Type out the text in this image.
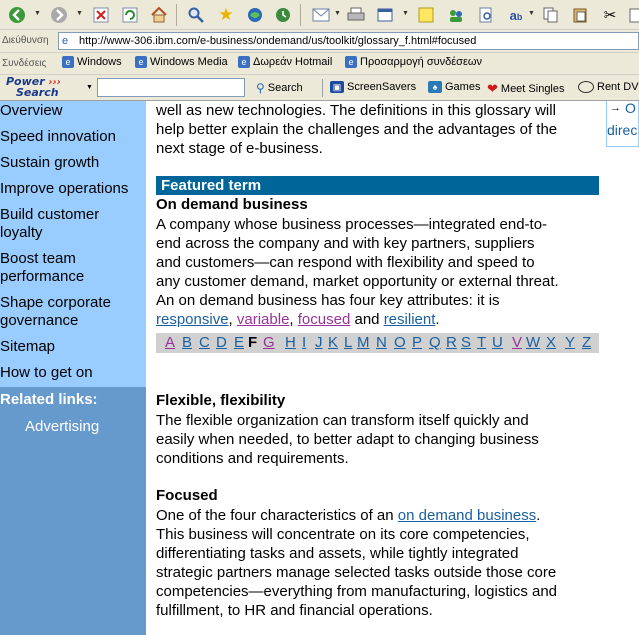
▼	▼	★	▼	▼	ab ▼	✂
Διεύθυνση e http://www-306.ibm.com/e-business/ondemand/us/toolkit/glossary_f.html#focused
Συνδέσεις	e Windows	e Windows Media	e Δωρεάν Hotmail	e Προσαρμογή συνδέσεων
Power ›››
Search	▼	⚲ Search	▣ ScreenSavers	♠ Games ❤ Meet Singles	Rent DV
Overview
Speed innovation
Sustain growth
Improve operations
Build customer
loyalty
Boost team
performance
Shape corporate
governance
Sitemap
How to get on
Related links:
Advertising

well as new technologies. The definitions in this glossary will

help better explain the challenges and the advantages of the

next stage of e-business.

Featured term
On demand business

A company whose business processes—integrated end-to-

end across the company and with key partners, suppliers

and customers—can respond with flexibility and speed to

any customer demand, market opportunity or external threat.

An on demand business has four key attributes: it is

responsive, variable, focused and resilient.

A B C D E F G H I J K L M N O P Q R S T U V W X Y Z
Flexible, flexibility

The flexible organization can transform itself quickly and

easily when needed, to better adapt to changing business

conditions and requirements.

Focused

One of the four characteristics of an on demand business.

This business will concentrate on its core competencies,

differentiating tasks and assets, while tightly integrated

strategic partners manage selected tasks outside those core

competencies—everything from manufacturing, logistics and

fulfillment, to HR and financial operations.

→ O
direc
